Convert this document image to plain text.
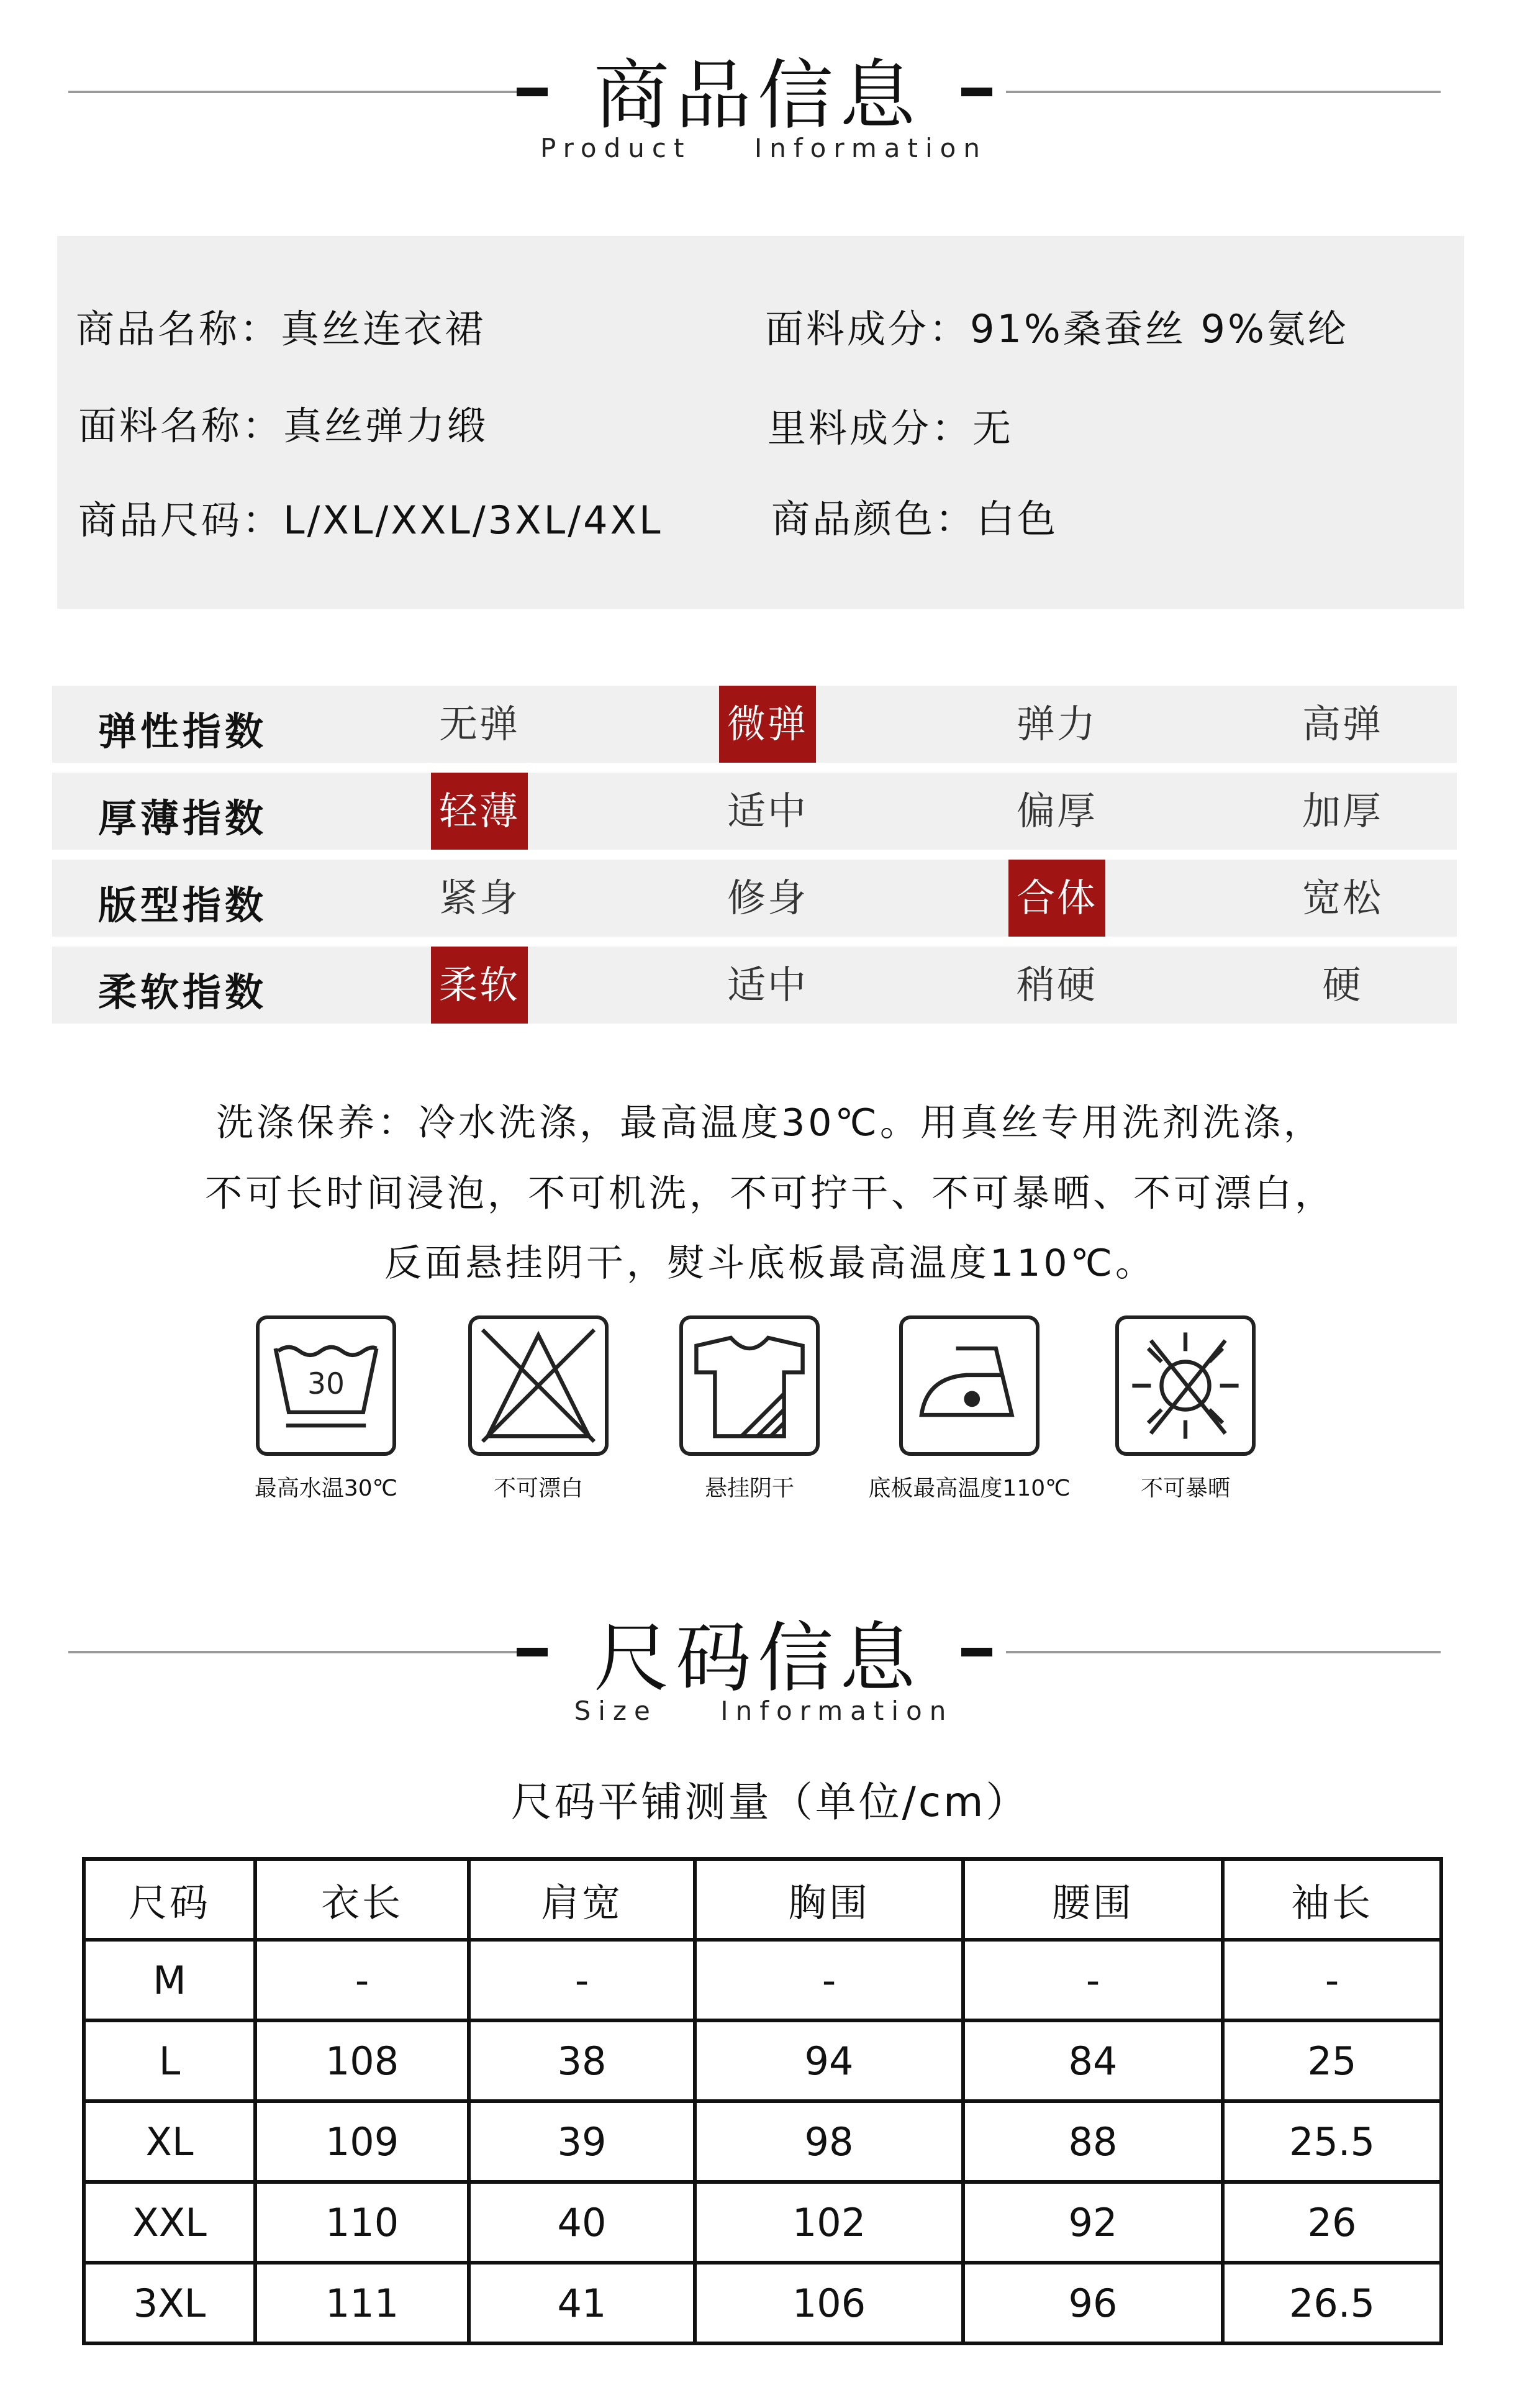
商品信息
Product    Information
商品名称：真丝连衣裙	面料成分：91%桑蚕丝 9%氨纶
面料名称：真丝弹力缎	里料成分：无
商品尺码：L/XL/XXL/3XL/4XL	商品颜色：白色
弹性指数	无弹	微弹	弹力	高弹
厚薄指数	轻薄	适中	偏厚	加厚
版型指数	紧身	修身	合体	宽松
柔软指数	柔软	适中	稍硬	硬
洗涤保养：冷水洗涤，最高温度30℃。用真丝专用洗剂洗涤，
不可长时间浸泡，不可机洗，不可拧干、不可暴晒、不可漂白，
反面悬挂阴干，熨斗底板最高温度110℃。
30
最高水温30℃	不可漂白	悬挂阴干	底板最高温度110℃	不可暴晒
尺码信息
Size    Information
尺码平铺测量（单位/cm）
尺码	衣长	肩宽	胸围	腰围	袖长
M	-	-	-	-	-
L	108	38	94	84	25
XL	109	39	98	88	25.5
XXL	110	40	102	92	26
3XL	111	41	106	96	26.5
